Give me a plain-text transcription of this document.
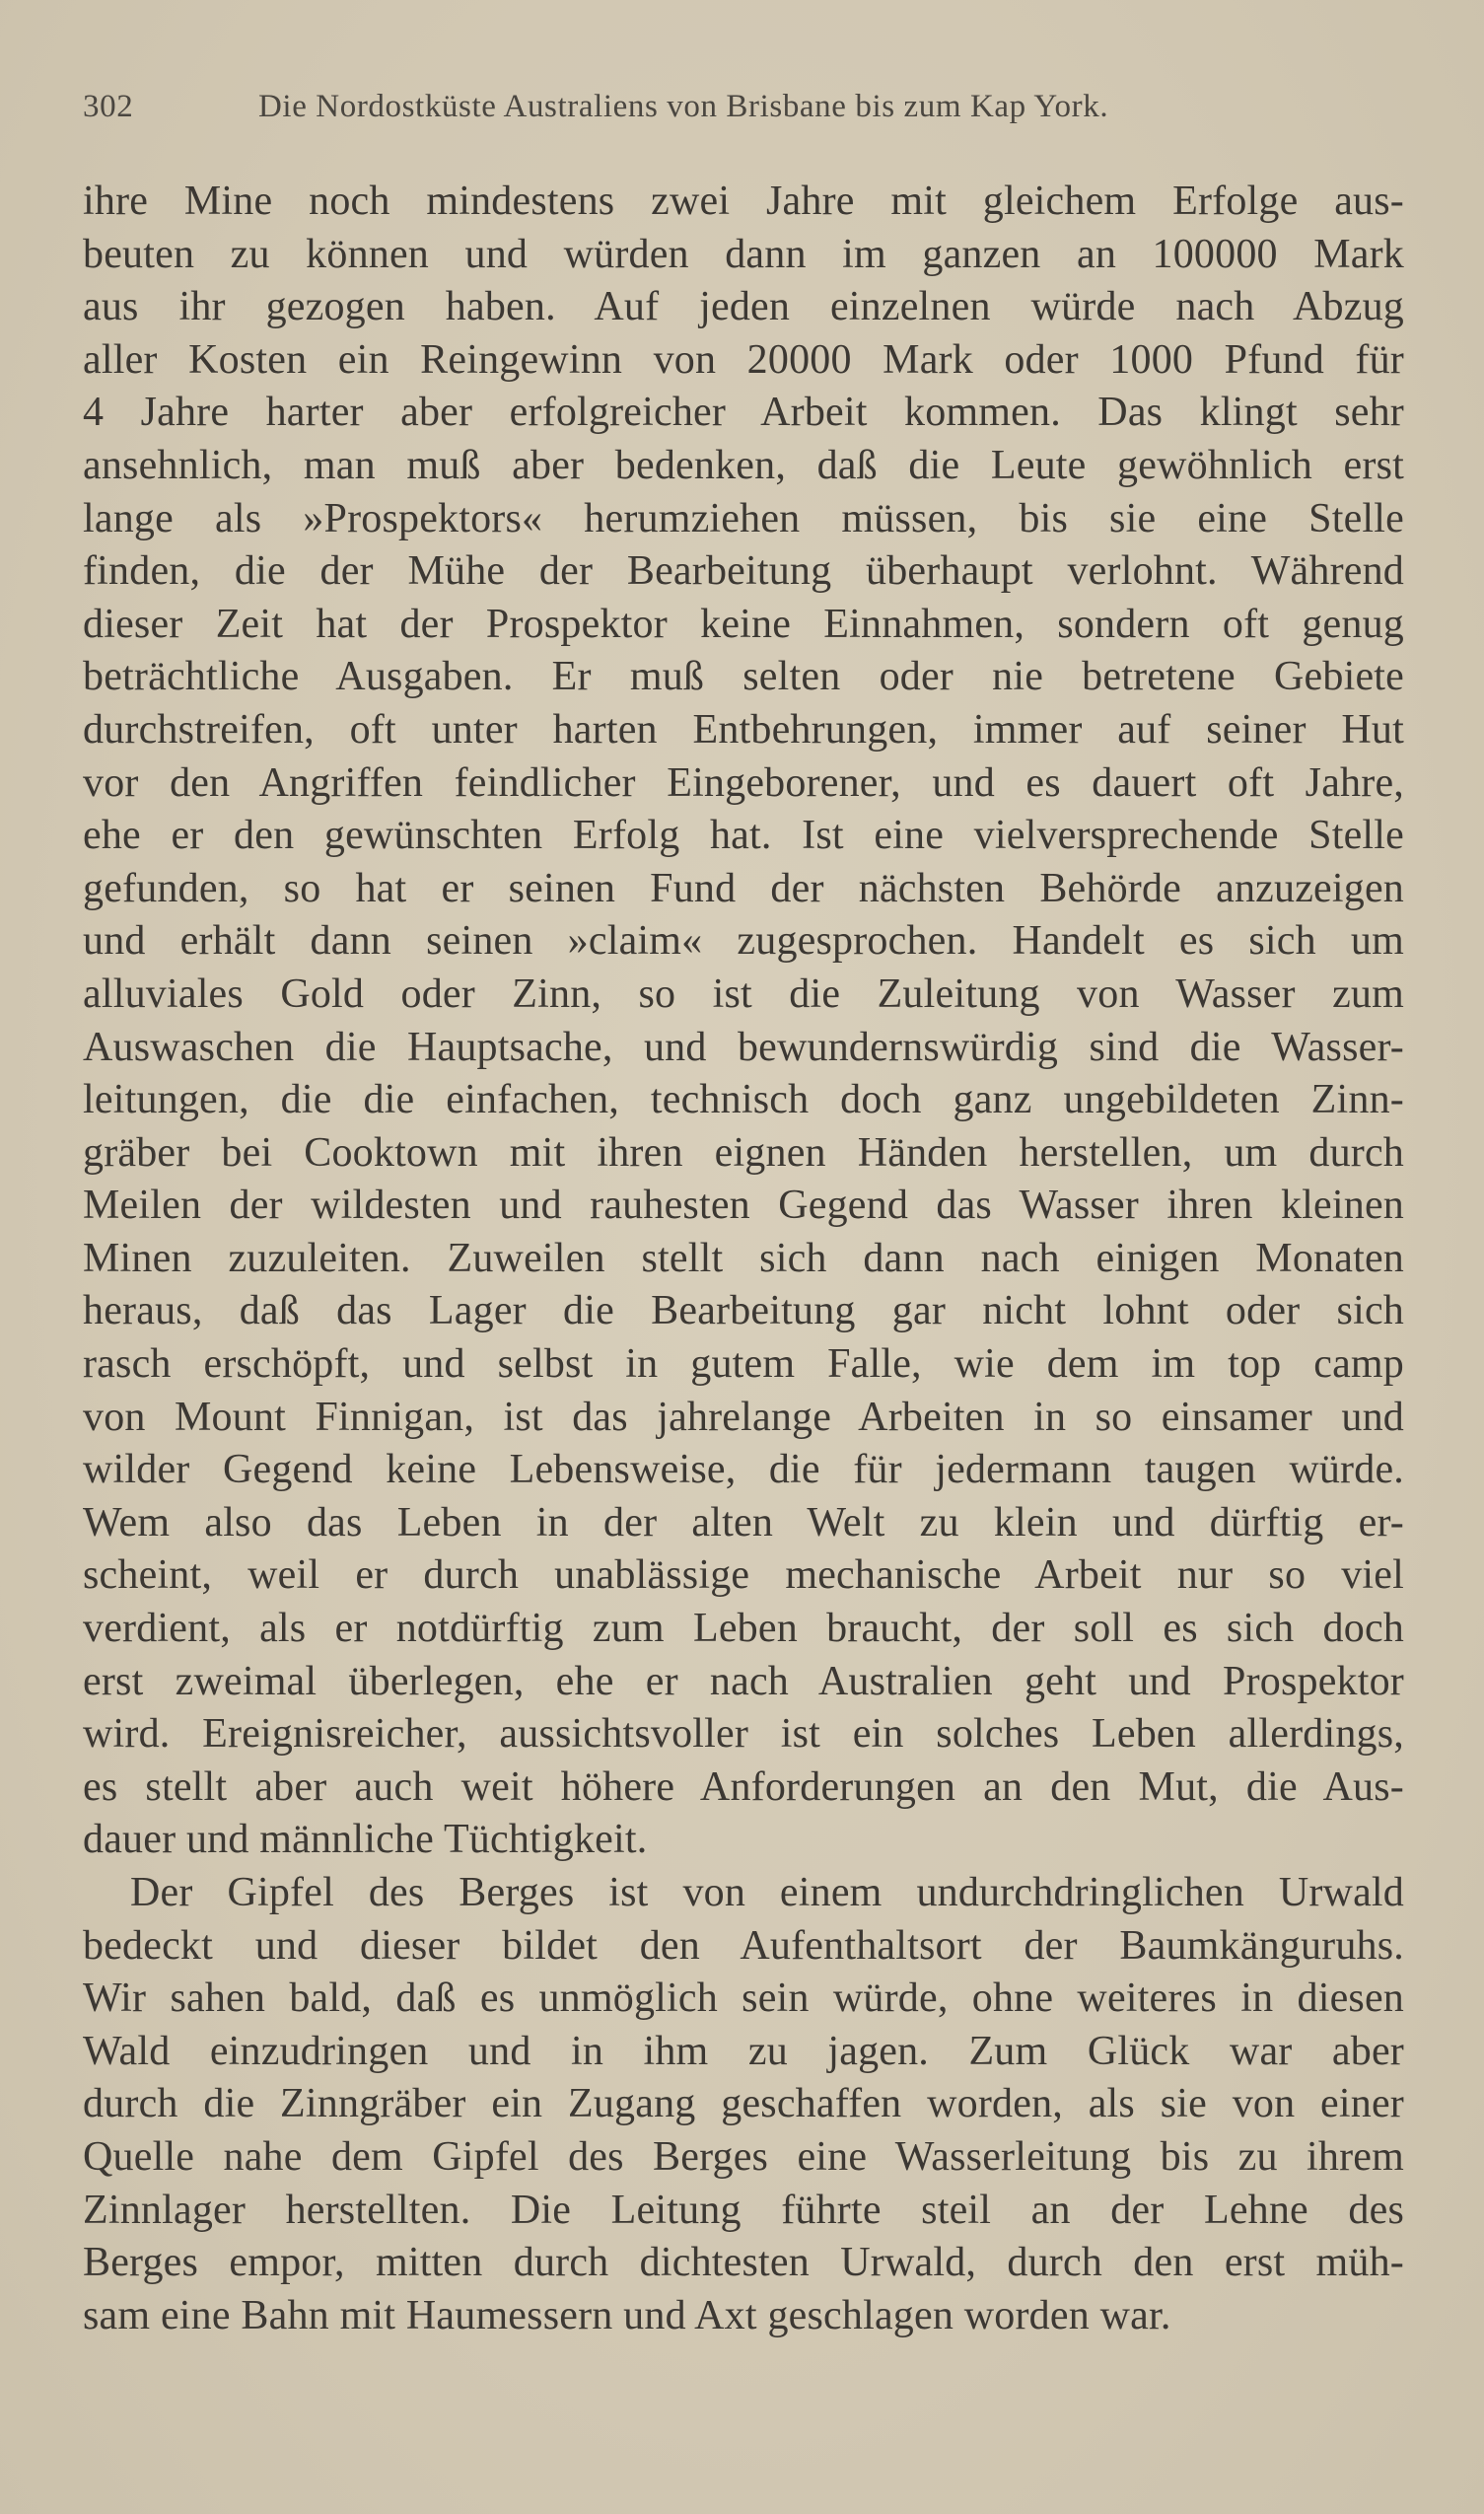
302	Die Nordostküste Australiens von Brisbane bis zum Kap York.
ihre Mine noch mindestens zwei Jahre mit gleichem Erfolge aus-
beuten zu können und würden dann im ganzen an 100000 Mark
aus ihr gezogen haben. Auf jeden einzelnen würde nach Abzug
aller Kosten ein Reingewinn von 20000 Mark oder 1000 Pfund für
4 Jahre harter aber erfolgreicher Arbeit kommen. Das klingt sehr
ansehnlich, man muß aber bedenken, daß die Leute gewöhnlich erst
lange als »Prospektors« herumziehen müssen, bis sie eine Stelle
finden, die der Mühe der Bearbeitung überhaupt verlohnt. Während
dieser Zeit hat der Prospektor keine Einnahmen, sondern oft genug
beträchtliche Ausgaben. Er muß selten oder nie betretene Gebiete
durchstreifen, oft unter harten Entbehrungen, immer auf seiner Hut
vor den Angriffen feindlicher Eingeborener, und es dauert oft Jahre,
ehe er den gewünschten Erfolg hat. Ist eine vielversprechende Stelle
gefunden, so hat er seinen Fund der nächsten Behörde anzuzeigen
und erhält dann seinen »claim« zugesprochen. Handelt es sich um
alluviales Gold oder Zinn, so ist die Zuleitung von Wasser zum
Auswaschen die Hauptsache, und bewundernswürdig sind die Wasser-
leitungen, die die einfachen, technisch doch ganz ungebildeten Zinn-
gräber bei Cooktown mit ihren eignen Händen herstellen, um durch
Meilen der wildesten und rauhesten Gegend das Wasser ihren kleinen
Minen zuzuleiten. Zuweilen stellt sich dann nach einigen Monaten
heraus, daß das Lager die Bearbeitung gar nicht lohnt oder sich
rasch erschöpft, und selbst in gutem Falle, wie dem im top camp
von Mount Finnigan, ist das jahrelange Arbeiten in so einsamer und
wilder Gegend keine Lebensweise, die für jedermann taugen würde.
Wem also das Leben in der alten Welt zu klein und dürftig er-
scheint, weil er durch unablässige mechanische Arbeit nur so viel
verdient, als er notdürftig zum Leben braucht, der soll es sich doch
erst zweimal überlegen, ehe er nach Australien geht und Prospektor
wird. Ereignisreicher, aussichtsvoller ist ein solches Leben allerdings,
es stellt aber auch weit höhere Anforderungen an den Mut, die Aus-
dauer und männliche Tüchtigkeit.
Der Gipfel des Berges ist von einem undurchdringlichen Urwald
bedeckt und dieser bildet den Aufenthaltsort der Baumkänguruhs.
Wir sahen bald, daß es unmöglich sein würde, ohne weiteres in diesen
Wald einzudringen und in ihm zu jagen. Zum Glück war aber
durch die Zinngräber ein Zugang geschaffen worden, als sie von einer
Quelle nahe dem Gipfel des Berges eine Wasserleitung bis zu ihrem
Zinnlager herstellten. Die Leitung führte steil an der Lehne des
Berges empor, mitten durch dichtesten Urwald, durch den erst müh-
sam eine Bahn mit Haumessern und Axt geschlagen worden war.
